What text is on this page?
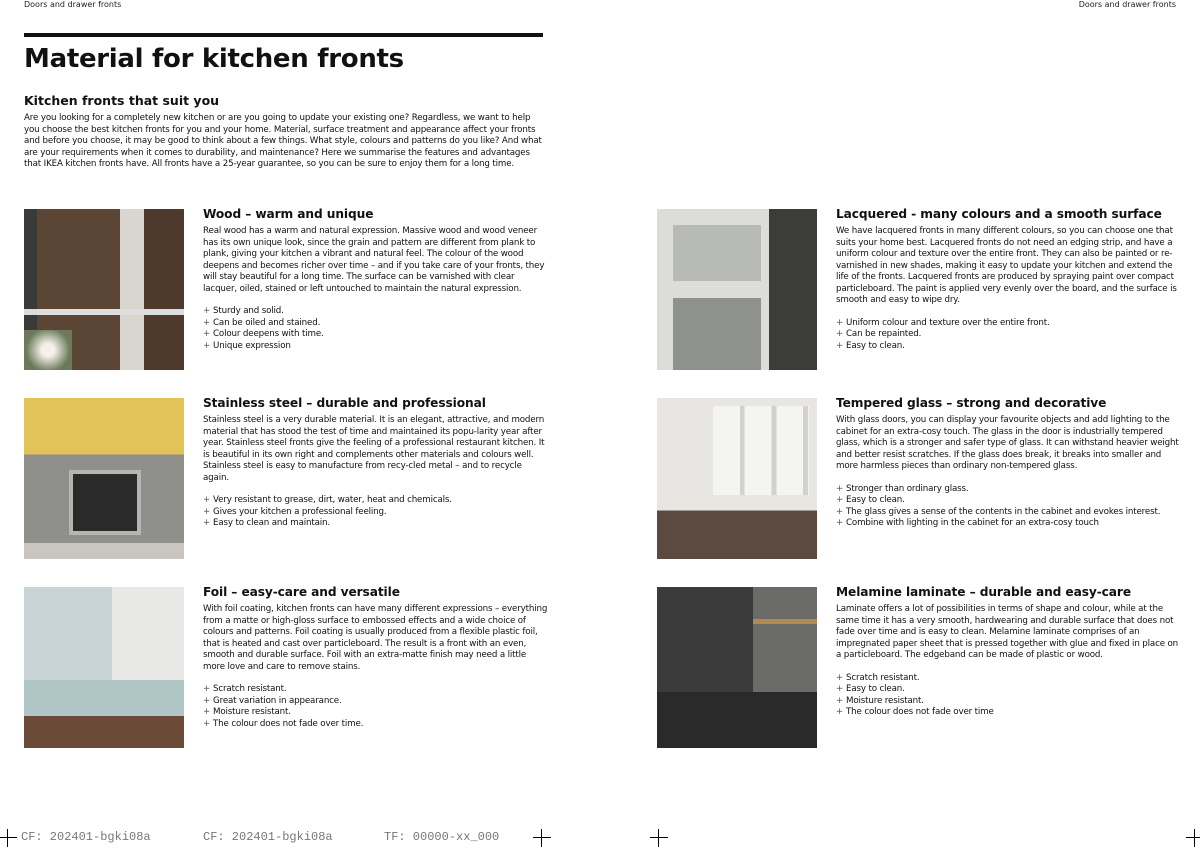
Doors and drawer fronts	Doors and drawer fronts
Material for kitchen fronts
Kitchen fronts that suit you

Are you looking for a completely new kitchen or are you going to update your existing one? Regardless, we want to help you choose the best kitchen fronts for you and your home. Material, surface treatment and appearance affect your fronts and before you choose, it may be good to think about a few things. What style, colours and patterns do you like? And what are your requirements when it comes to durability, and maintenance? Here we summarise the features and advantages that IKEA kitchen fronts have. All fronts have a 25-year guarantee, so you can be sure to enjoy them for a long time.

Wood – warm and unique

Real wood has a warm and natural expression. Massive wood and wood veneer has its own unique look, since the grain and pattern are different from plank to plank, giving your kitchen a vibrant and natural feel. The colour of the wood deepens and becomes richer over time – and if you take care of your fronts, they will stay beautiful for a long time. The surface can be varnished with clear lacquer, oiled, stained or left untouched to maintain the natural expression.

+ Sturdy and solid.
+ Can be oiled and stained.
+ Colour deepens with time.
+ Unique expression
Stainless steel – durable and professional

Stainless steel is a very durable material. It is an elegant, attractive, and modern material that has stood the test of time and maintained its popu-larity year after year. Stainless steel fronts give the feeling of a professional restaurant kitchen. It is beautiful in its own right and complements other materials and colours well. Stainless steel is easy to manufacture from recy-cled metal – and to recycle again.

+ Very resistant to grease, dirt, water, heat and chemicals.
+ Gives your kitchen a professional feeling.
+ Easy to clean and maintain.
Foil – easy-care and versatile

With foil coating, kitchen fronts can have many different expressions – everything from a matte or high-gloss surface to embossed effects and a wide choice of colours and patterns. Foil coating is usually produced from a flexible plastic foil, that is heated and cast over particleboard. The result is a front with an even, smooth and durable surface. Foil with an extra-matte finish may need a little more love and care to remove stains.

+ Scratch resistant.
+ Great variation in appearance.
+ Moisture resistant.
+ The colour does not fade over time.
Lacquered - many colours and a smooth surface

We have lacquered fronts in many different colours, so you can choose one that suits your home best. Lacquered fronts do not need an edging strip, and have a uniform colour and texture over the entire front. They can also be painted or re-varnished in new shades, making it easy to update your kitchen and extend the life of the fronts. Lacquered fronts are produced by spraying paint over compact particleboard. The paint is applied very evenly over the board, and the surface is smooth and easy to wipe dry.

+ Uniform colour and texture over the entire front.
+ Can be repainted.
+ Easy to clean.
Tempered glass – strong and decorative

With glass doors, you can display your favourite objects and add lighting to the cabinet for an extra-cosy touch. The glass in the door is industrially tempered glass, which is a stronger and safer type of glass. It can withstand heavier weight and better resist scratches. If the glass does break, it breaks into smaller and more harmless pieces than ordinary non-tempered glass.

+ Stronger than ordinary glass.
+ Easy to clean.
+ The glass gives a sense of the contents in the cabinet and evokes interest.
+ Combine with lighting in the cabinet for an extra-cosy touch
Melamine laminate – durable and easy-care

Laminate offers a lot of possibilities in terms of shape and colour, while at the same time it has a very smooth, hardwearing and durable surface that does not fade over time and is easy to clean. Melamine laminate comprises of an impregnated paper sheet that is pressed together with glue and fixed in place on a particleboard. The edgeband can be made of plastic or wood.

+ Scratch resistant.
+ Easy to clean.
+ Moisture resistant.
+ The colour does not fade over time
CF: 202401-bgki08a	CF: 202401-bgki08a	TF: 00000-xx_000
